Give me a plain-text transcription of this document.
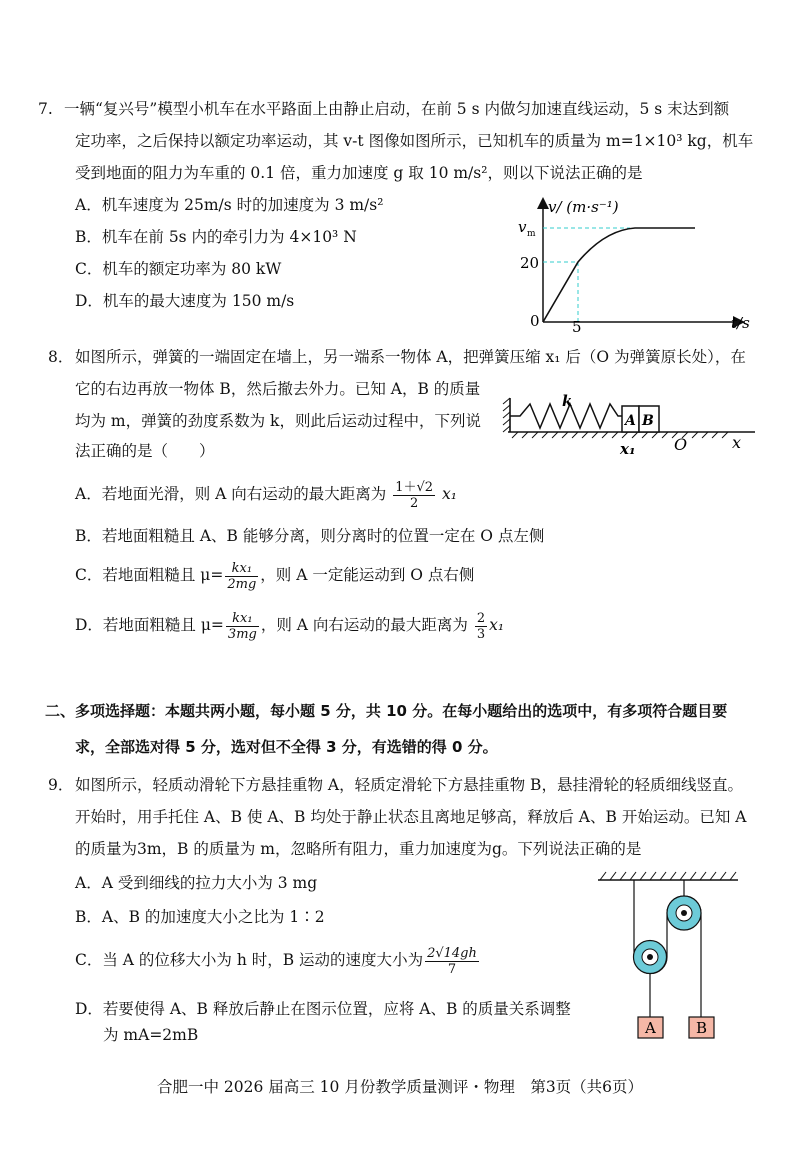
7. 一辆“复兴号”模型小机车在水平路面上由静止启动，在前 5 s 内做匀加速直线运动，5 s 末达到额
定功率，之后保持以额定功率运动，其 v-t 图像如图所示，已知机车的质量为 m=1×10³ kg，机车
受到地面的阻力为车重的 0.1 倍，重力加速度 g 取 10 m/s²，则以下说法正确的是
A．机车速度为 25m/s 时的加速度为 3 m/s²
B．机车在前 5s 内的牵引力为 4×10³ N
C．机车的额定功率为 80 kW
D．机车的最大速度为 150 m/s
v/ (m·s⁻¹)
t/s
v m
20
5
0
8． 如图所示，弹簧的一端固定在墙上，另一端系一物体 A，把弹簧压缩 x₁ 后（O 为弹簧原长处），在
它的右边再放一物体 B，然后撤去外力。已知 A，B 的质量
均为 m，弹簧的劲度系数为 k，则此后运动过程中，下列说
法正确的是（　　）
A B
k
x₁ O	x
A．若地面光滑，则 A 向右运动的最大距离为 $\frac{1+√2}{2} x_1$
B．若地面粗糙且 A、B 能够分离，则分离时的位置一定在 O 点左侧
C．若地面粗糙且 $\mu= \frac{\text{kx₁}}{2mg}$ ，则 A 一定能运动到 O 点右侧
D．若地面粗糙且 $\mu= \frac{\text{kx₁}}{3mg}$ ，则 A 向右运动的最大距离为 $\frac{2}{3} x_1$
二、多项选择题：本题共两小题，每小题 5 分，共 10 分。在每小题给出的选项中，有多项符合题目要
求，全部选对得 5 分，选对但不全得 3 分，有选错的得 0 分。
9． 如图所示，轻质动滑轮下方悬挂重物 A，轻质定滑轮下方悬挂重物 B，悬挂滑轮的轻质细线竖直。
开始时，用手托住 A、B 使 A、B 均处于静止状态且离地足够高，释放后 A、B 开始运动。已知 A
的质量为3m，B 的质量为 m，忽略所有阻力，重力加速度为g。下列说法正确的是
A．A 受到细线的拉力大小为 3 mg
B．A、B 的加速度大小之比为 1∶2
C．当 A 的位移大小为 h 时，B 运动的速度大小为 $\frac{2√14gh}{7}$
D．若要使得 A、B 释放后静止在图示位置，应将 A、B 的质量关系调整
为 mA=2mB	A	B
合肥一中 2026 届高三 10 月份教学质量测评・物理　第3页（共6页）
